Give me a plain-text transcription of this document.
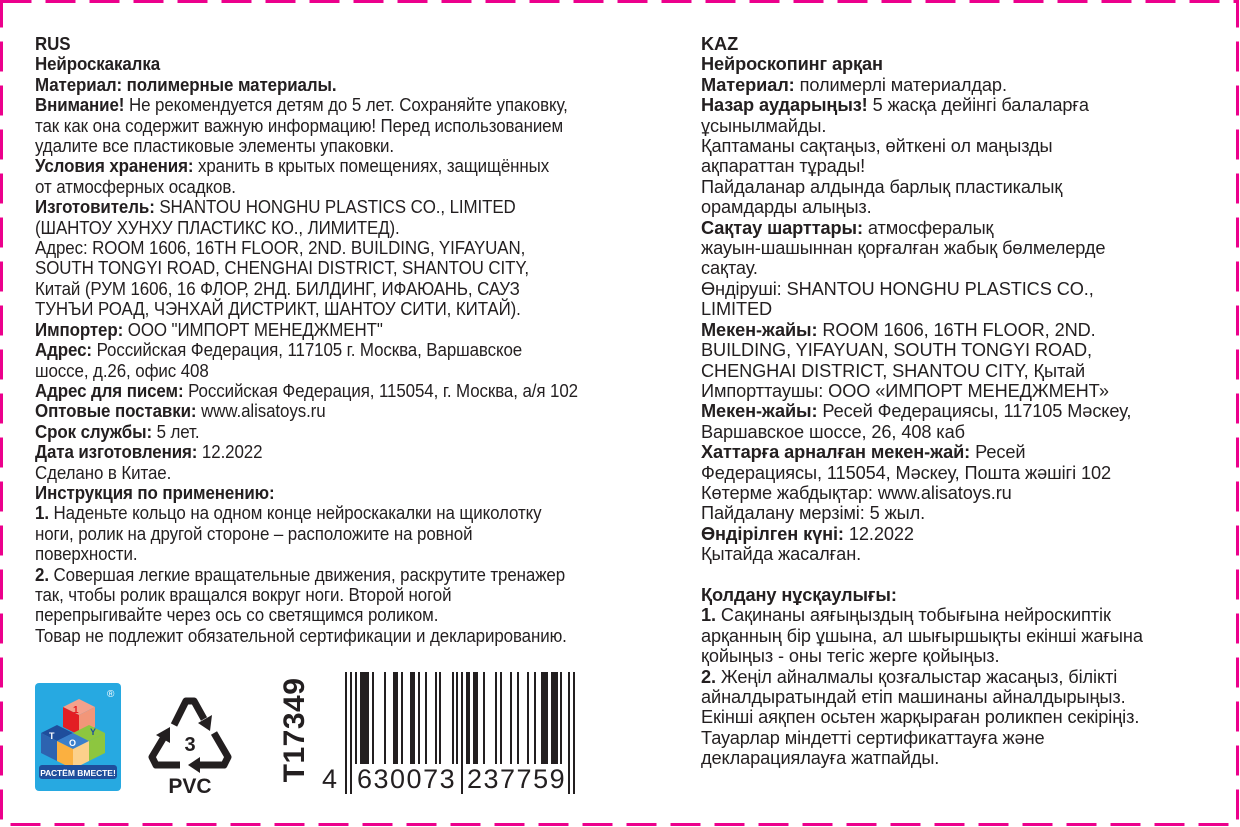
RUS
Нейроскакалка
Материал: полимерные материалы.
Внимание! Не рекомендуется детям до 5 лет. Сохраняйте упаковку,
так как она содержит важную информацию! Перед использованием
удалите все пластиковые элементы упаковки.
Условия хранения: хранить в крытых помещениях, защищённых
от атмосферных осадков.
Изготовитель: SHANTOU HONGHU PLASTICS CO., LIMITED
(ШАНТОУ ХУНХУ ПЛАСТИКС КО., ЛИМИТЕД).
Адрес: ROOM 1606, 16TH FLOOR, 2ND. BUILDING, YIFAYUAN,
SOUTH TONGYI ROAD, CHENGHAI DISTRICT, SHANTOU CITY,
Китай (РУМ 1606, 16 ФЛОР, 2НД. БИЛДИНГ, ИФАЮАНЬ, САУЗ
ТУНЪИ РОАД, ЧЭНХАЙ ДИСТРИКТ, ШАНТОУ СИТИ, КИТАЙ).
Импортер: ООО "ИМПОРТ МЕНЕДЖМЕНТ"
Адрес: Российская Федерация, 117105 г. Москва, Варшавское
шоссе, д.26, офис 408
Адрес для писем: Российская Федерация, 115054, г. Москва, а/я 102
Оптовые поставки: www.alisatoys.ru
Срок службы: 5 лет.
Дата изготовления: 12.2022
Сделано в Китае.
Инструкция по применению:
1. Наденьте кольцо на одном конце нейроскакалки на щиколотку
ноги, ролик на другой стороне – расположите на ровной
поверхности.
2. Совершая легкие вращательные движения, раскрутите тренажер
так, чтобы ролик вращался вокруг ноги. Второй ногой
перепрыгивайте через ось со светящимся роликом.
Товар не подлежит обязательной сертификации и декларированию.
KAZ
Нейроскопинг арқан
Материал: полимерлі материалдар.
Назар аударыңыз! 5 жасқа дейінгі балаларға
ұсынылмайды.
Қаптаманы сақтаңыз, өйткені ол маңызды
ақпараттан тұрады!
Пайдаланар алдында барлық пластикалық
орамдарды алыңыз.
Сақтау шарттары: атмосфералық
жауын-шашыннан қорғалған жабық бөлмелерде
сақтау.
Өндіруші: SHANTOU HONGHU PLASTICS CO.,
LIMITED
Мекен-жайы: ROOM 1606, 16TH FLOOR, 2ND.
BUILDING, YIFAYUAN, SOUTH TONGYI ROAD,
CHENGHAI DISTRICT, SHANTOU CITY, Қытай
Импорттаушы: ООО «ИМПОРТ МЕНЕДЖМЕНТ»
Мекен-жайы: Ресей Федерациясы, 117105 Мәскеу,
Варшавское шоссе, 26, 408 каб
Хаттарға арналған мекен-жай: Ресей
Федерациясы, 115054, Мәскеу, Пошта жәшігі 102
Көтерме жабдықтар: www.alisatoys.ru
Пайдалану мерзімі: 5 жыл.
Өндірілген күні: 12.2022
Қытайда жасалған.
Қолдану нұсқаулығы:
1. Сақинаны аяғыңыздың тобығына нейроскиптік
арқанның бір ұшына, ал шығыршықты екінші жағына
қойыңыз - оны тегіс жерге қойыңыз.
2. Жеңіл айналмалы қозғалыстар жасаңыз, білікті
айналдыратындай етіп машинаны айналдырыңыз.
Екінші аяқпен осьтен жарқыраған роликпен секіріңіз.
Тауарлар міндетті сертификаттауға және
декларациялауға жатпайды.
1
T
O
Y
®
РАСТЁМ ВМЕСТЕ!
3
PVC
T17349 4 630073 237759
